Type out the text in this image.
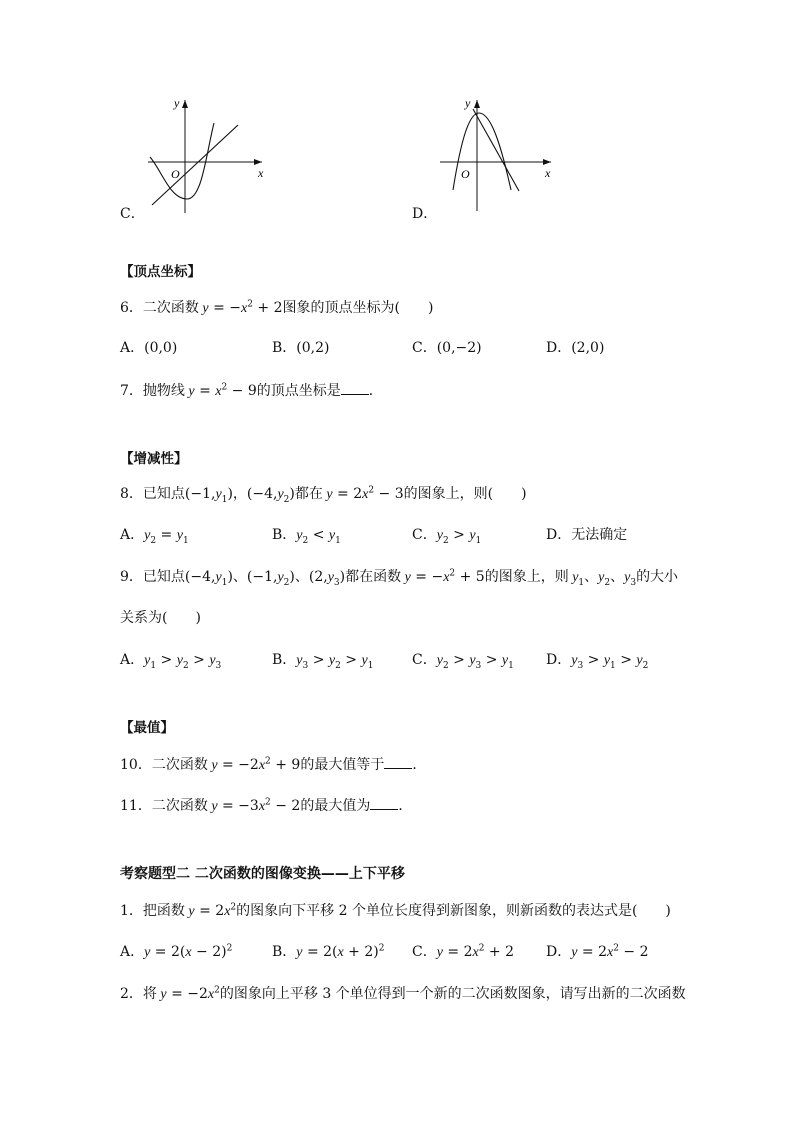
x
y
O
C．
x
y
O
D．
【顶点坐标】
6．二次函数 $y = -x^2 + 2$图象的顶点坐标为(　　)
A．(0,0)	B．(0,2)	C．(0,−2)	D．(2,0)
7．抛物线 $y = x^2 - 9$的顶点坐标是 ．
【增减性】
8．已知点$(-1,y_1)$，$(-4,y_2)$都在 $y = 2x^2 - 3$的图象上，则(　　)
A．$y_2 = y_1$	B．$y_2 < y_1$	C．$y_2 > y_1$	D．无法确定
9．已知点$(-4,y_1)$、$(-1,y_2)$、$(2,y_3)$都在函数 $y = -x^2 + 5$的图象上，则 $y_1$、$y_2$、$y_3$的大小
关系为(　　)
A．$y_1 > y_2 > y_3$	B．$y_3 > y_2 > y_1$	C．$y_2 > y_3 > y_1$ D．$y_3 > y_1 > y_2$
【最值】
10．二次函数 $y = -2x^2 + 9$的最大值等于 ．
11．二次函数 $y = -3x^2 - 2$的最大值为 ．
考察题型二 二次函数的图像变换——上下平移
1．把函数 $y = 2x^2$的图象向下平移 2 个单位长度得到新图象，则新函数的表达式是(　　)
A．$y = 2(x - 2)^2$	B．$y = 2(x + 2)^2$ C．$y = 2x^2 + 2$ D．$y = 2x^2 - 2$
2．将 $y = -2x^2$的图象向上平移 3 个单位得到一个新的二次函数图象，请写出新的二次函数
